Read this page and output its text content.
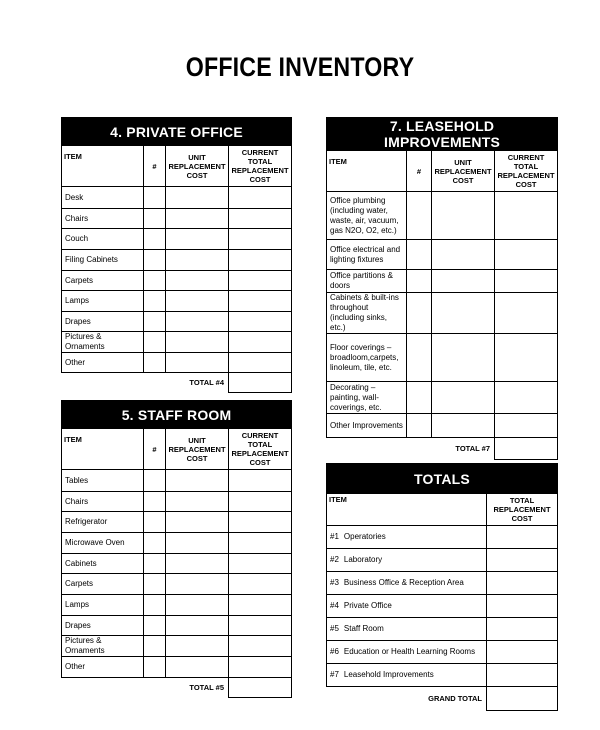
OFFICE INVENTORY
4. PRIVATE OFFICE			
ITEM	#	UNIT REPLACEMENT COST	CURRENT TOTAL REPLACEMENT COST
Desk			
Chairs			
Couch			
Filing Cabinets			
Carpets			
Lamps			
Drapes			
Pictures & Ornaments			
Other			
TOTAL #4			
5. STAFF ROOM			
ITEM	#	UNIT REPLACEMENT COST	CURRENT TOTAL REPLACEMENT COST
Tables			
Chairs			
Refrigerator			
Microwave Oven			
Cabinets			
Carpets			
Lamps			
Drapes			
Pictures & Ornaments			
Other			
TOTAL #5			
7. LEASEHOLD IMPROVEMENTS			
ITEM	#	UNIT REPLACEMENT COST	CURRENT TOTAL REPLACEMENT COST
Office plumbing (including water, waste, air, vacuum, gas N2O, O2, etc.)			
Office electrical and lighting fixtures			
Office partitions & doors			
Cabinets & built-ins throughout (including sinks, etc.)			
Floor coverings – broadloom,carpets, linoleum, tile, etc.			
Decorating – painting, wall-coverings, etc.			
Other Improvements			
TOTAL #7			
TOTALS	
ITEM	TOTAL REPLACEMENT COST
#1 Operatories	
#2 Laboratory	
#3 Business Office & Reception Area	
#4 Private Office	
#5 Staff Room	
#6 Education or Health Learning Rooms	
#7 Leasehold Improvements	
GRAND TOTAL	
